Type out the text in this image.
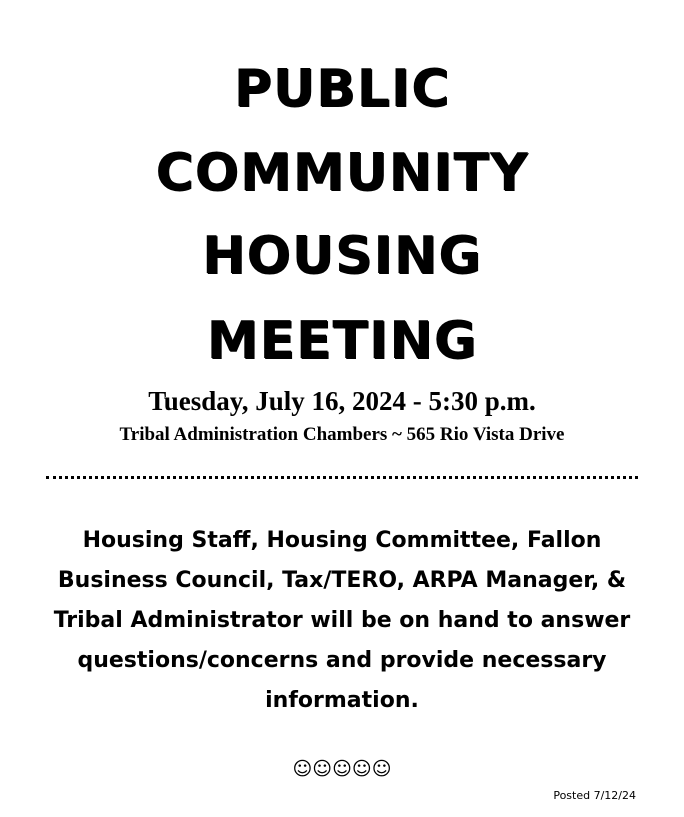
PUBLIC
COMMUNITY
HOUSING
MEETING
Tuesday, July 16, 2024 - 5:30 p.m.
Tribal Administration Chambers ~ 565 Rio Vista Drive
Housing Staff, Housing Committee, Fallon Business Council, Tax/TERO, ARPA Manager, & Tribal Administrator will be on hand to answer questions/concerns and provide necessary information.
☺☺☺☺☺
Posted 7/12/24
